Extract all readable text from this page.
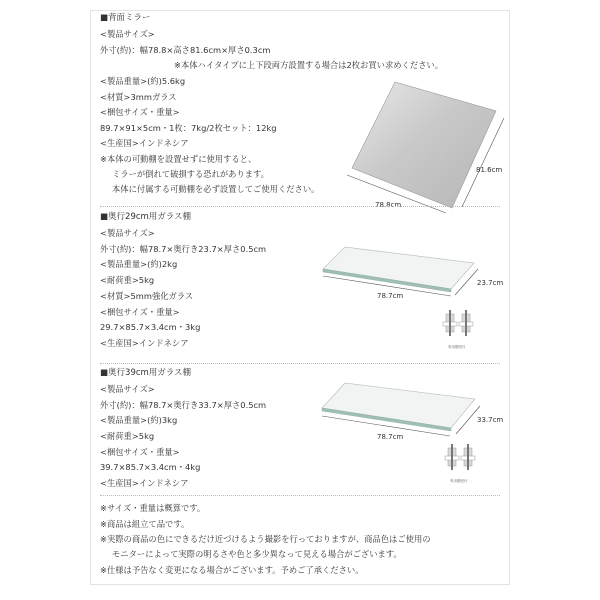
■背面ミラー
<製品サイズ>
外寸(約)：幅78.8×高さ81.6cm×厚さ0.3cm
※本体ハイタイプに上下段両方設置する場合は2枚お買い求めください。
<製品重量>(約)5.6kg
<材質>3mmガラス
<梱包サイズ・重量>
89.7×91×5cm・1枚：7kg/2枚セット：12kg
<生産国>インドネシア
※本体の可動棚を設置せずに使用すると、
ミラーが倒れて破損する恐れがあります。
本体に付属する可動棚を必ず設置してご使用ください。
78.8cm
81.6cm
■奥行29cm用ガラス棚
<製品サイズ>
外寸(約)：幅78.7×奥行き23.7×厚さ0.5cm
<製品重量>(約)2kg
<耐荷重>5kg
<材質>5mm強化ガラス
<梱包サイズ・重量>
29.7×85.7×3.4cm・3kg
<生産国>インドネシア
78.7cm
23.7cm
専用棚受付
■奥行39cm用ガラス棚
<製品サイズ>
外寸(約)：幅78.7×奥行き33.7×厚さ0.5cm
<製品重量>(約)3kg
<耐荷重>5kg
<梱包サイズ・重量>
39.7×85.7×3.4cm・4kg
<生産国>インドネシア
78.7cm
33.7cm
専用棚受付
※サイズ・重量は概算です。
※商品は組立て品です。
※実際の商品の色にできるだけ近づけるよう撮影を行っておりますが、商品色はご使用の
モニターによって実際の明るさや色と多少異なって見える場合がございます。
※仕様は予告なく変更になる場合がございます。予めご了承ください。
